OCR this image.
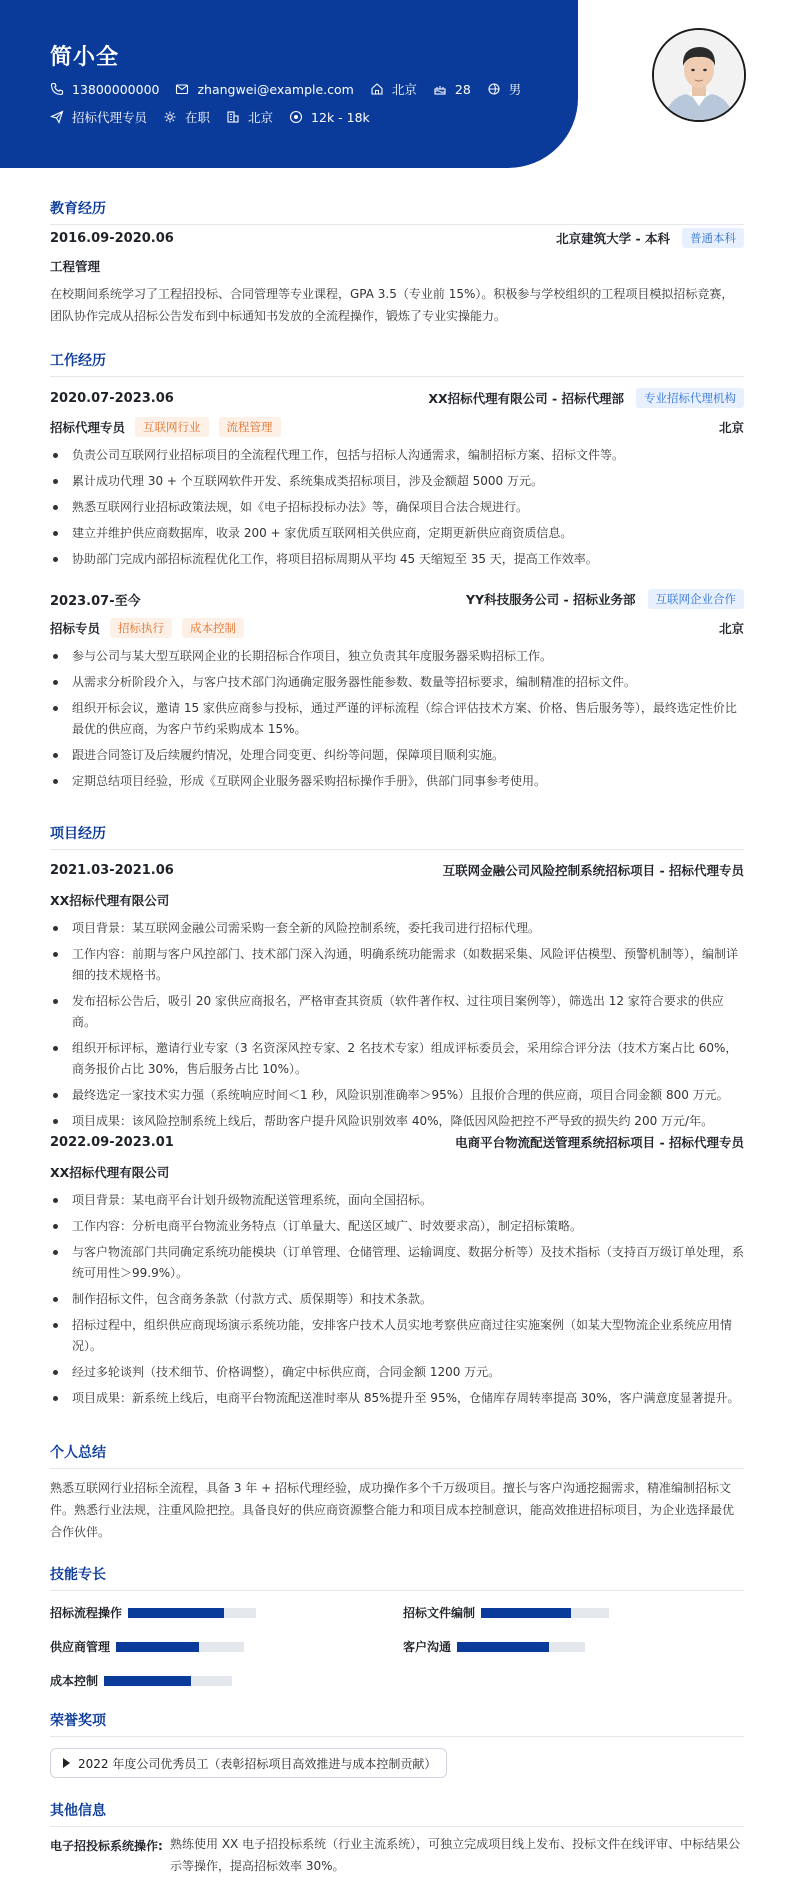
简小全
13800000000	zhangwei@example.com	北京	28	男
招标代理专员	在职	北京	12k - 18k
教育经历
2016.09-2020.06	北京建筑大学 - 本科	普通本科
工程管理
在校期间系统学习了工程招投标、合同管理等专业课程，GPA 3.5（专业前 15%）。积极参与学校组织的工程项目模拟招标竞赛，团队协作完成从招标公告发布到中标通知书发放的全流程操作，锻炼了专业实操能力。
工作经历
2020.07-2023.06	XX招标代理有限公司 - 招标代理部	专业招标代理机构
招标代理专员	互联网行业	流程管理	北京
负责公司互联网行业招标项目的全流程代理工作，包括与招标人沟通需求，编制招标方案、招标文件等。
累计成功代理 30 + 个互联网软件开发、系统集成类招标项目，涉及金额超 5000 万元。
熟悉互联网行业招标政策法规，如《电子招标投标办法》等，确保项目合法合规进行。
建立并维护供应商数据库，收录 200 + 家优质互联网相关供应商，定期更新供应商资质信息。
协助部门完成内部招标流程优化工作，将项目招标周期从平均 45 天缩短至 35 天，提高工作效率。
2023.07-至今	YY科技服务公司 - 招标业务部	互联网企业合作
招标专员	招标执行	成本控制	北京
参与公司与某大型互联网企业的长期招标合作项目，独立负责其年度服务器采购招标工作。
从需求分析阶段介入，与客户技术部门沟通确定服务器性能参数、数量等招标要求，编制精准的招标文件。
组织开标会议，邀请 15 家供应商参与投标，通过严谨的评标流程（综合评估技术方案、价格、售后服务等），最终选定性价比最优的供应商，为客户节约采购成本 15%。
跟进合同签订及后续履约情况，处理合同变更、纠纷等问题，保障项目顺利实施。
定期总结项目经验，形成《互联网企业服务器采购招标操作手册》，供部门同事参考使用。
项目经历
2021.03-2021.06	互联网金融公司风险控制系统招标项目 - 招标代理专员
XX招标代理有限公司
项目背景：某互联网金融公司需采购一套全新的风险控制系统，委托我司进行招标代理。
工作内容：前期与客户风控部门、技术部门深入沟通，明确系统功能需求（如数据采集、风险评估模型、预警机制等），编制详细的技术规格书。
发布招标公告后，吸引 20 家供应商报名，严格审查其资质（软件著作权、过往项目案例等），筛选出 12 家符合要求的供应商。
组织开标评标，邀请行业专家（3 名资深风控专家、2 名技术专家）组成评标委员会，采用综合评分法（技术方案占比 60%，商务报价占比 30%，售后服务占比 10%）。
最终选定一家技术实力强（系统响应时间＜1 秒，风险识别准确率＞95%）且报价合理的供应商，项目合同金额 800 万元。
项目成果：该风险控制系统上线后，帮助客户提升风险识别效率 40%，降低因风险把控不严导致的损失约 200 万元/年。
2022.09-2023.01	电商平台物流配送管理系统招标项目 - 招标代理专员
XX招标代理有限公司
项目背景：某电商平台计划升级物流配送管理系统，面向全国招标。
工作内容：分析电商平台物流业务特点（订单量大、配送区域广、时效要求高），制定招标策略。
与客户物流部门共同确定系统功能模块（订单管理、仓储管理、运输调度、数据分析等）及技术指标（支持百万级订单处理，系统可用性＞99.9%）。
制作招标文件，包含商务条款（付款方式、质保期等）和技术条款。
招标过程中，组织供应商现场演示系统功能，安排客户技术人员实地考察供应商过往实施案例（如某大型物流企业系统应用情况）。
经过多轮谈判（技术细节、价格调整），确定中标供应商，合同金额 1200 万元。
项目成果：新系统上线后，电商平台物流配送准时率从 85%提升至 95%，仓储库存周转率提高 30%，客户满意度显著提升。
个人总结
熟悉互联网行业招标全流程，具备 3 年 + 招标代理经验，成功操作多个千万级项目。擅长与客户沟通挖掘需求，精准编制招标文件。熟悉行业法规，注重风险把控。具备良好的供应商资源整合能力和项目成本控制意识，能高效推进招标项目，为企业选择最优合作伙伴。
技能专长
招标流程操作	招标文件编制
供应商管理	客户沟通
成本控制
荣誉奖项
2022 年度公司优秀员工（表彰招标项目高效推进与成本控制贡献）
其他信息
电子招投标系统操作: 熟练使用 XX 电子招投标系统（行业主流系统），可独立完成项目线上发布、投标文件在线评审、中标结果公示等操作，提高招标效率 30%。
